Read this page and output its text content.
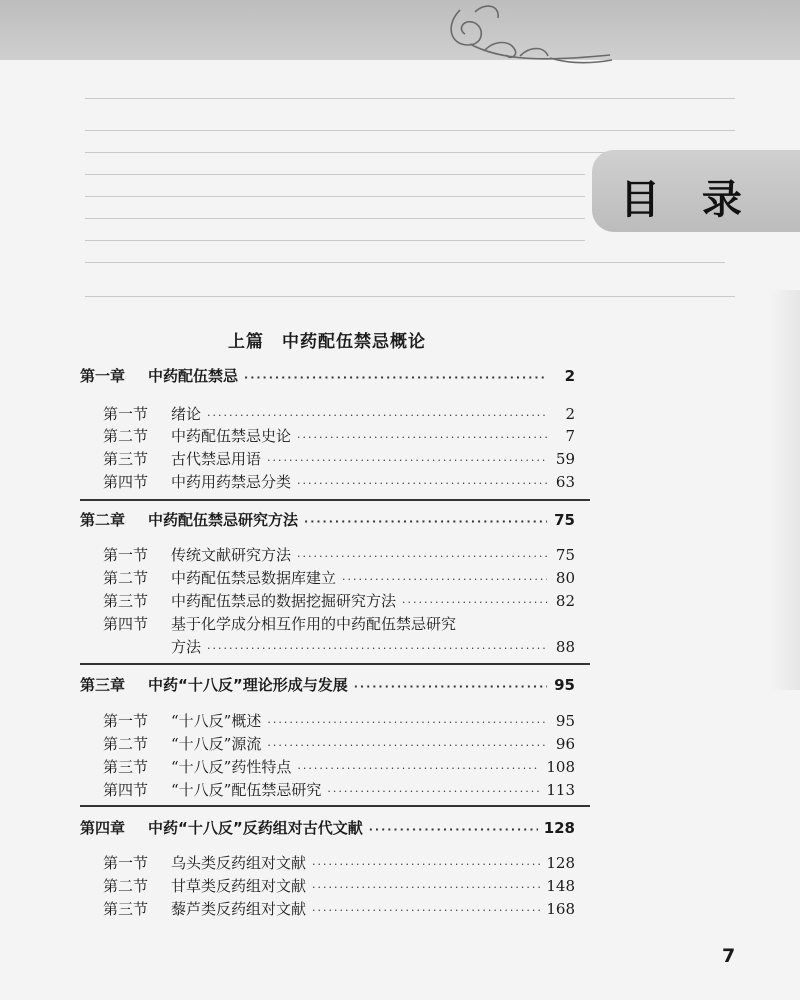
目 录
上篇　中药配伍禁忌概论
第一章	中药配伍禁忌 ·····	2
第一节	绪论 ·····	2
第二节	中药配伍禁忌史论 ·····	7
第三节	古代禁忌用语 ·····	59
第四节	中药用药禁忌分类 ·····	63
第二章	中药配伍禁忌研究方法 ·····	75
第一节	传统文献研究方法 ·····	75
第二节	中药配伍禁忌数据库建立 ·····	80
第三节	中药配伍禁忌的数据挖掘研究方法 ·····	82
第四节	基于化学成分相互作用的中药配伍禁忌研究
方法 ·····	88
第三章	中药“十八反”理论形成与发展 ·····	95
第一节	“十八反”概述 ·····	95
第二节	“十八反”源流 ·····	96
第三节	“十八反”药性特点 ·····	108
第四节	“十八反”配伍禁忌研究 ·····	113
第四章	中药“十八反”反药组对古代文献 ·····	128
第一节	乌头类反药组对文献 ·····	128
第二节	甘草类反药组对文献 ·····	148
第三节	藜芦类反药组对文献 ·····	168
7
